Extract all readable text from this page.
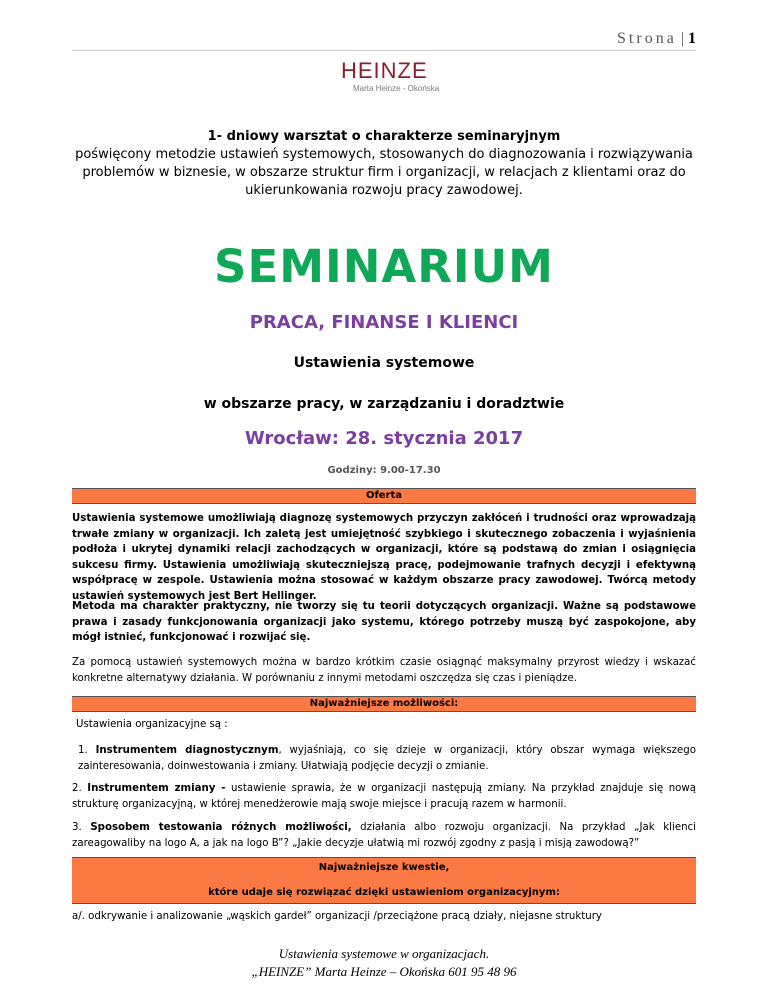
Strona | 1
HEINZE
Marta Heinze - Okońska
1- dniowy warsztat o charakterze seminaryjnym
poświęcony metodzie ustawień systemowych, stosowanych do diagnozowania i rozwiązywania problemów w biznesie, w obszarze struktur firm i organizacji, w relacjach z klientami oraz do ukierunkowania rozwoju pracy zawodowej.
SEMINARIUM
PRACA, FINANSE I KLIENCI
Ustawienia systemowe
w obszarze pracy, w zarządzaniu i doradztwie
Wrocław: 28. stycznia 2017
Godziny: 9.00-17.30
Oferta
Ustawienia systemowe umożliwiają diagnozę systemowych przyczyn zakłóceń i trudności oraz wprowadzają trwałe zmiany w organizacji. Ich zaletą jest umiejętność szybkiego i skutecznego zobaczenia i wyjaśnienia podłoża i ukrytej dynamiki relacji zachodzących w organizacji, które są podstawą do zmian i osiągnięcia sukcesu firmy. Ustawienia umożliwiają skuteczniejszą pracę, podejmowanie trafnych decyzji i efektywną współpracę w zespole. Ustawienia można stosować w każdym obszarze pracy zawodowej. Twórcą metody ustawień systemowych jest Bert Hellinger.
Metoda ma charakter praktyczny, nie tworzy się tu teorii dotyczących organizacji. Ważne są podstawowe prawa i zasady funkcjonowania organizacji jako systemu, którego potrzeby muszą być zaspokojone, aby mógł istnieć, funkcjonować i rozwijać się.
Za pomocą ustawień systemowych można w bardzo krótkim czasie osiągnąć maksymalny przyrost wiedzy i wskazać konkretne alternatywy działania. W porównaniu z innymi metodami oszczędza się czas i pieniądze.
Najważniejsze możliwości:
Ustawienia organizacyjne są :
1. Instrumentem diagnostycznym, wyjaśniają, co się dzieje w organizacji, który obszar wymaga większego zainteresowania, doinwestowania i zmiany. Ułatwiają podjęcie decyzji o zmianie.
2. Instrumentem zmiany - ustawienie sprawia, że w organizacji następują zmiany. Na przykład znajduje się nową strukturę organizacyjną, w której menedżerowie mają swoje miejsce i pracują razem w harmonii.
3. Sposobem testowania różnych możliwości, działania albo rozwoju organizacji. Na przykład „Jak klienci zareagowaliby na logo A, a jak na logo B”? „Jakie decyzje ułatwią mi rozwój zgodny z pasją i misją zawodową?”
Najważniejsze kwestie,
które udaje się rozwiązać dzięki ustawieniom organizacyjnym:
a/. odkrywanie i analizowanie „wąskich gardeł” organizacji /przeciążone pracą działy, niejasne struktury
Ustawienia systemowe w organizacjach.
„HEINZE” Marta Heinze – Okońska 601 95 48 96
